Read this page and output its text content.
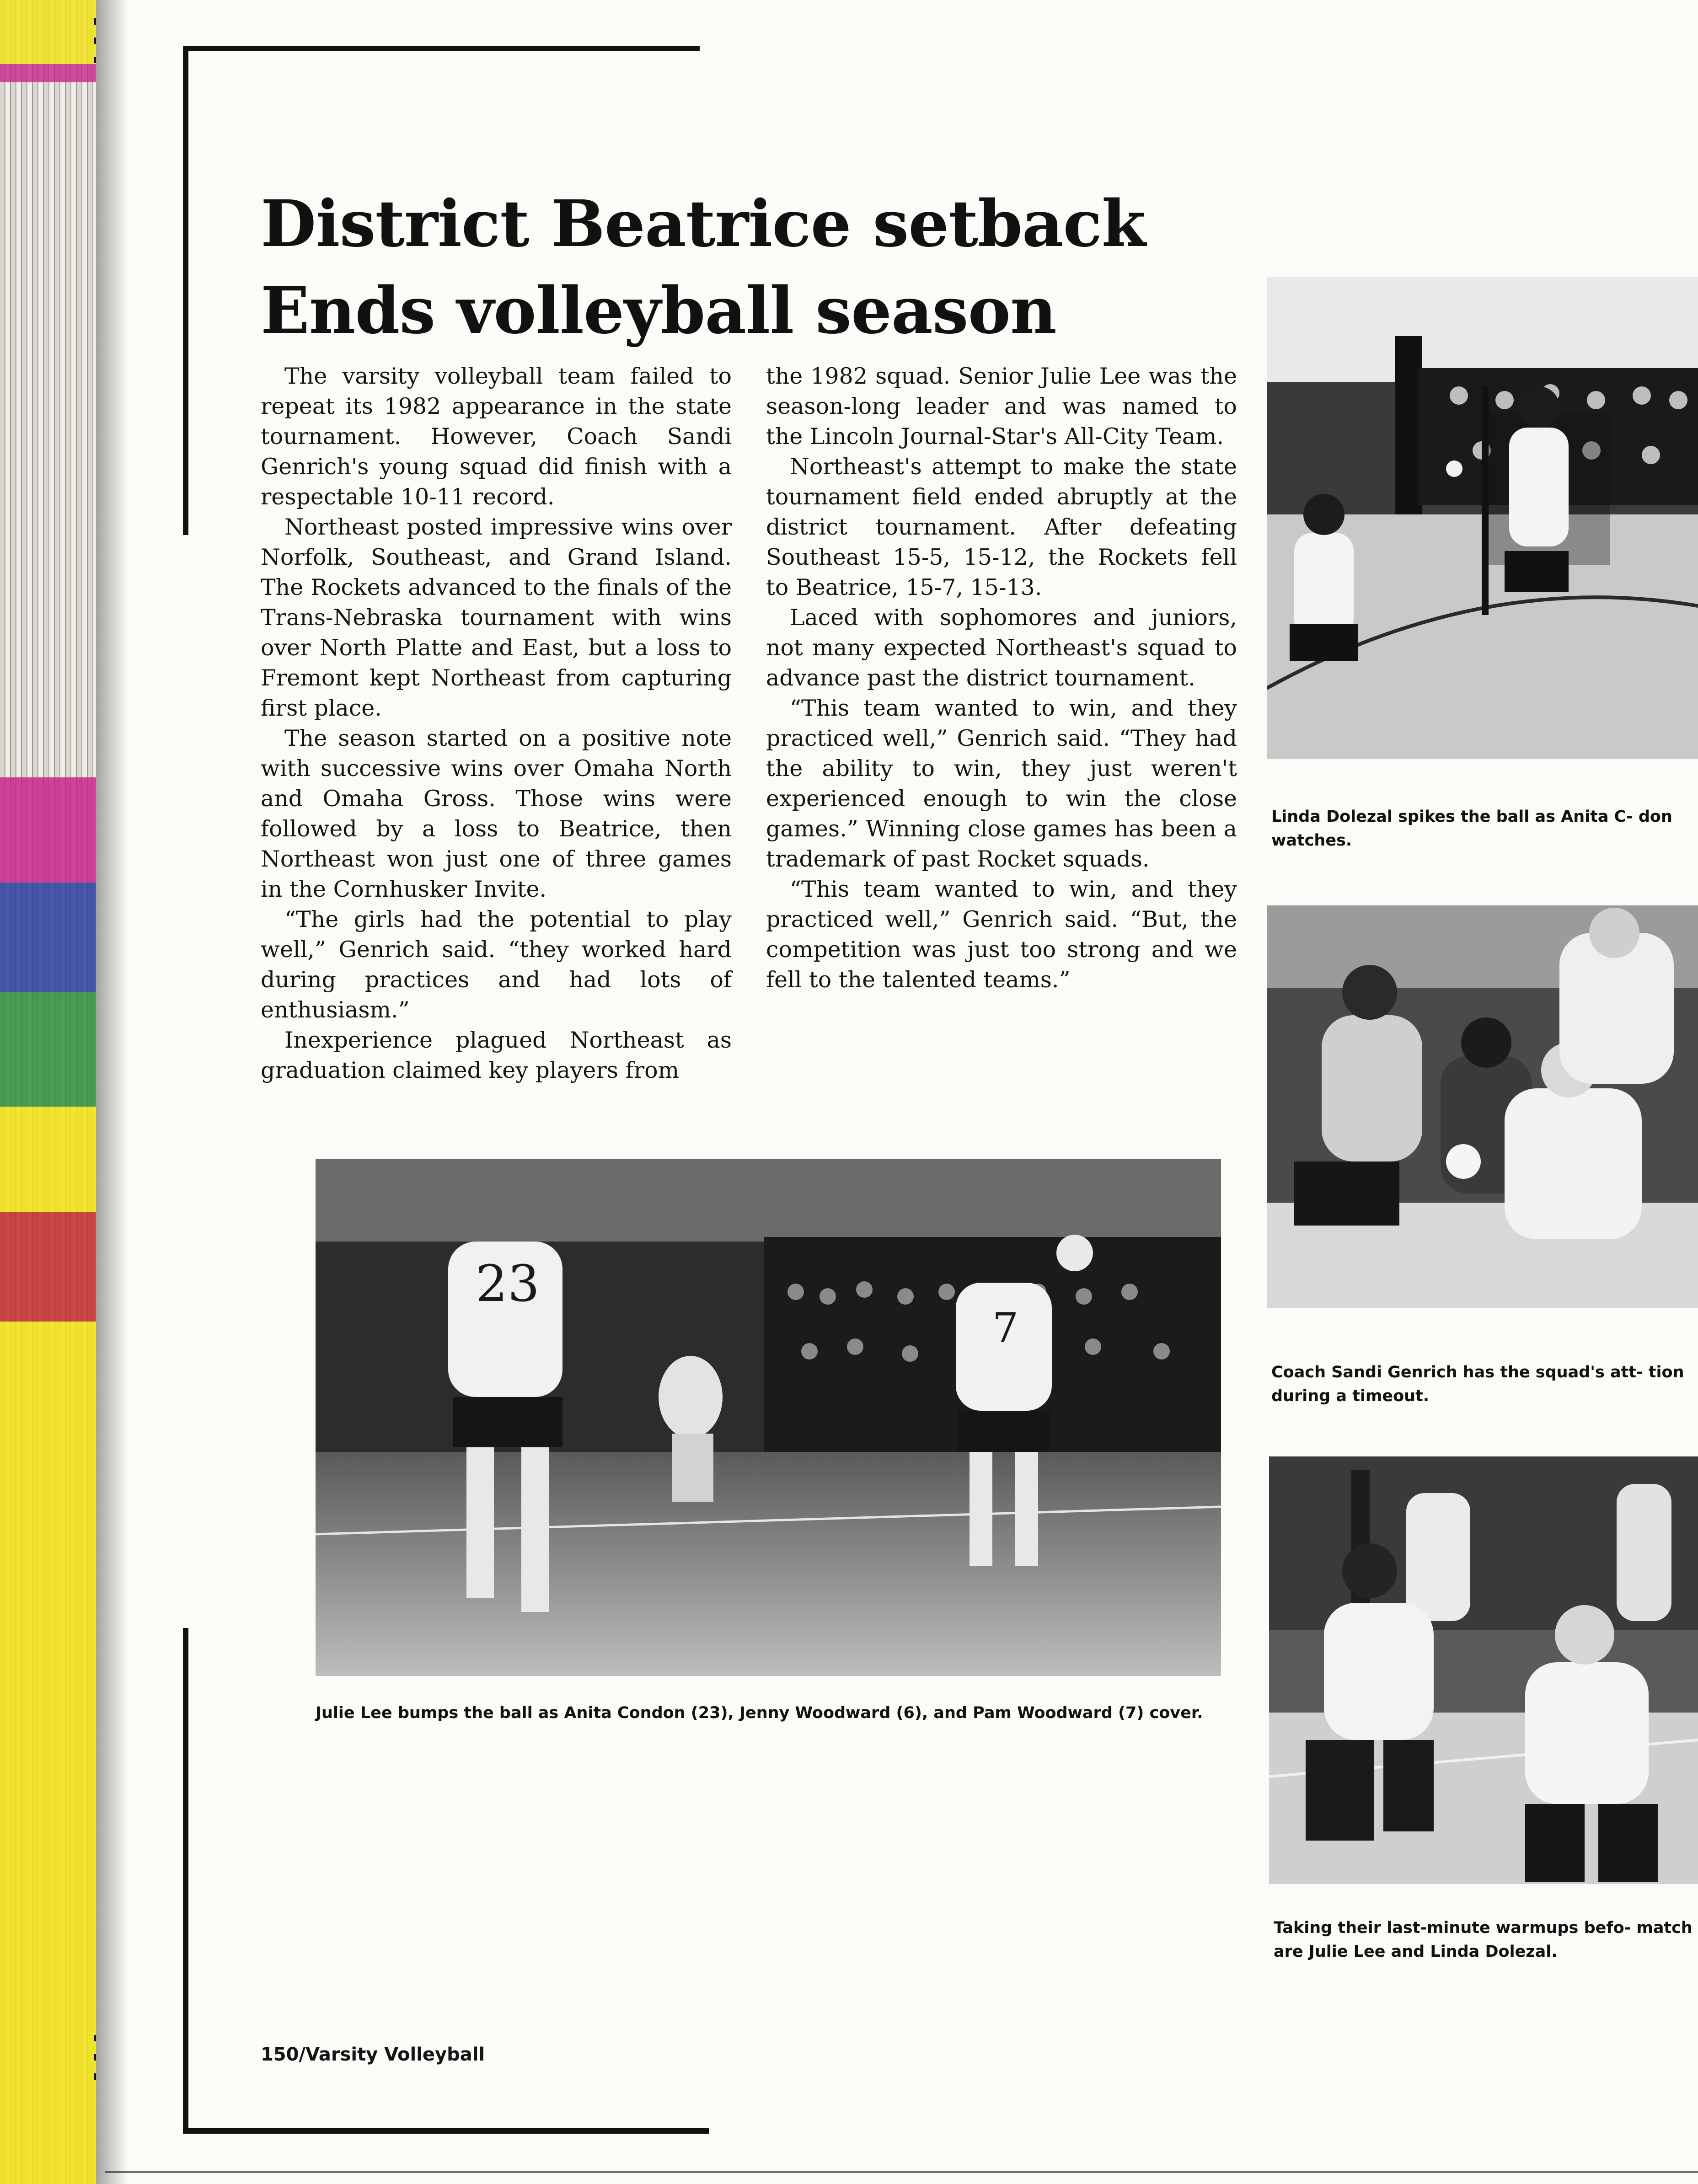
District Beatrice setback
Ends volleyball season

The varsity volleyball team failed to repeat its 1982 appearance in the state tournament. However, Coach Sandi Genrich's young squad did finish with a respectable 10-11 record.

Northeast posted impressive wins over Norfolk, Southeast, and Grand Island. The Rockets advanced to the finals of the Trans-Nebraska tournament with wins over North Platte and East, but a loss to Fremont kept Northeast from capturing first place.

The season started on a positive note with successive wins over Omaha North and Omaha Gross. Those wins were followed by a loss to Beatrice, then Northeast won just one of three games in the Cornhusker Invite.

“The girls had the potential to play well,” Genrich said. “they worked hard during practices and had lots of enthusiasm.”

Inexperience plagued Northeast as graduation claimed key players from

the 1982 squad. Senior Julie Lee was the season-long leader and was named to the Lincoln Journal-Star's All-City Team.

Northeast's attempt to make the state tournament field ended abruptly at the district tournament. After defeating Southeast 15-5, 15-12, the Rockets fell to Beatrice, 15-7, 15-13.

Laced with sophomores and juniors, not many expected Northeast's squad to advance past the district tournament.

“This team wanted to win, and they practiced well,” Genrich said. “They had the ability to win, they just weren't experienced enough to win the close games.” Winning close games has been a trademark of past Rocket squads.

“This team wanted to win, and they practiced well,” Genrich said. “But, the competition was just too strong and we fell to the talented teams.”

23
7

Julie Lee bumps the ball as Anita Condon (23), Jenny Woodward (6), and Pam Woodward (7) cover.

Linda Dolezal spikes the ball as Anita C- don watches.

Coach Sandi Genrich has the squad's att- tion during a timeout.

Taking their last-minute warmups befo- match are Julie Lee and Linda Dolezal.

150/Varsity Volleyball
